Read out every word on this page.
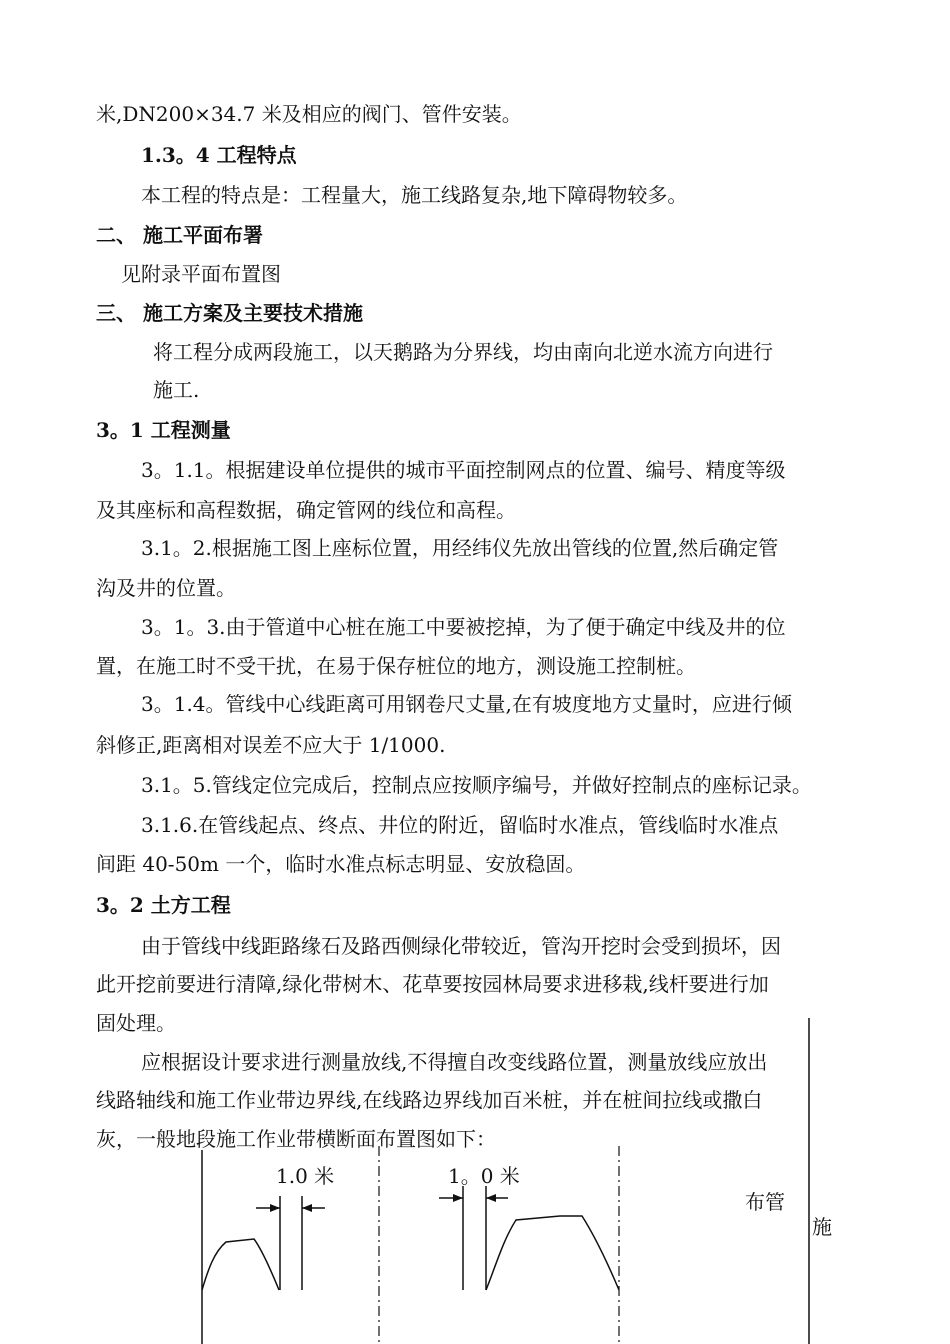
米,DN200×34.7 米及相应的阀门、管件安装。

1.3。4 工程特点

本工程的特点是：工程量大，施工线路复杂,地下障碍物较多。

二、 施工平面布署

见附录平面布置图

三、 施工方案及主要技术措施

将工程分成两段施工，以天鹅路为分界线，均由南向北逆水流方向进行

施工.

3。1 工程测量

3。1.1。根据建设单位提供的城市平面控制网点的位置、编号、精度等级

及其座标和高程数据，确定管网的线位和高程。

3.1。2.根据施工图上座标位置，用经纬仪先放出管线的位置,然后确定管

沟及井的位置。

3。1。3.由于管道中心桩在施工中要被挖掉，为了便于确定中线及井的位

置，在施工时不受干扰，在易于保存桩位的地方，测设施工控制桩。

3。1.4。管线中心线距离可用钢卷尺丈量,在有坡度地方丈量时，应进行倾

斜修正,距离相对误差不应大于 1/1000.

3.1。5.管线定位完成后，控制点应按顺序编号，并做好控制点的座标记录。

3.1.6.在管线起点、终点、井位的附近，留临时水准点，管线临时水准点

间距 40-50m 一个，临时水准点标志明显、安放稳固。

3。2 土方工程

由于管线中线距路缘石及路西侧绿化带较近，管沟开挖时会受到损坏，因

此开挖前要进行清障,绿化带树木、花草要按园林局要求进移栽,线杆要进行加

固处理。

应根据设计要求进行测量放线,不得擅自改变线路位置，测量放线应放出

线路轴线和施工作业带边界线,在线路边界线加百米桩，并在桩间拉线或撒白

灰，一般地段施工作业带横断面布置图如下：

1.0 米	1。0 米
布管
施
